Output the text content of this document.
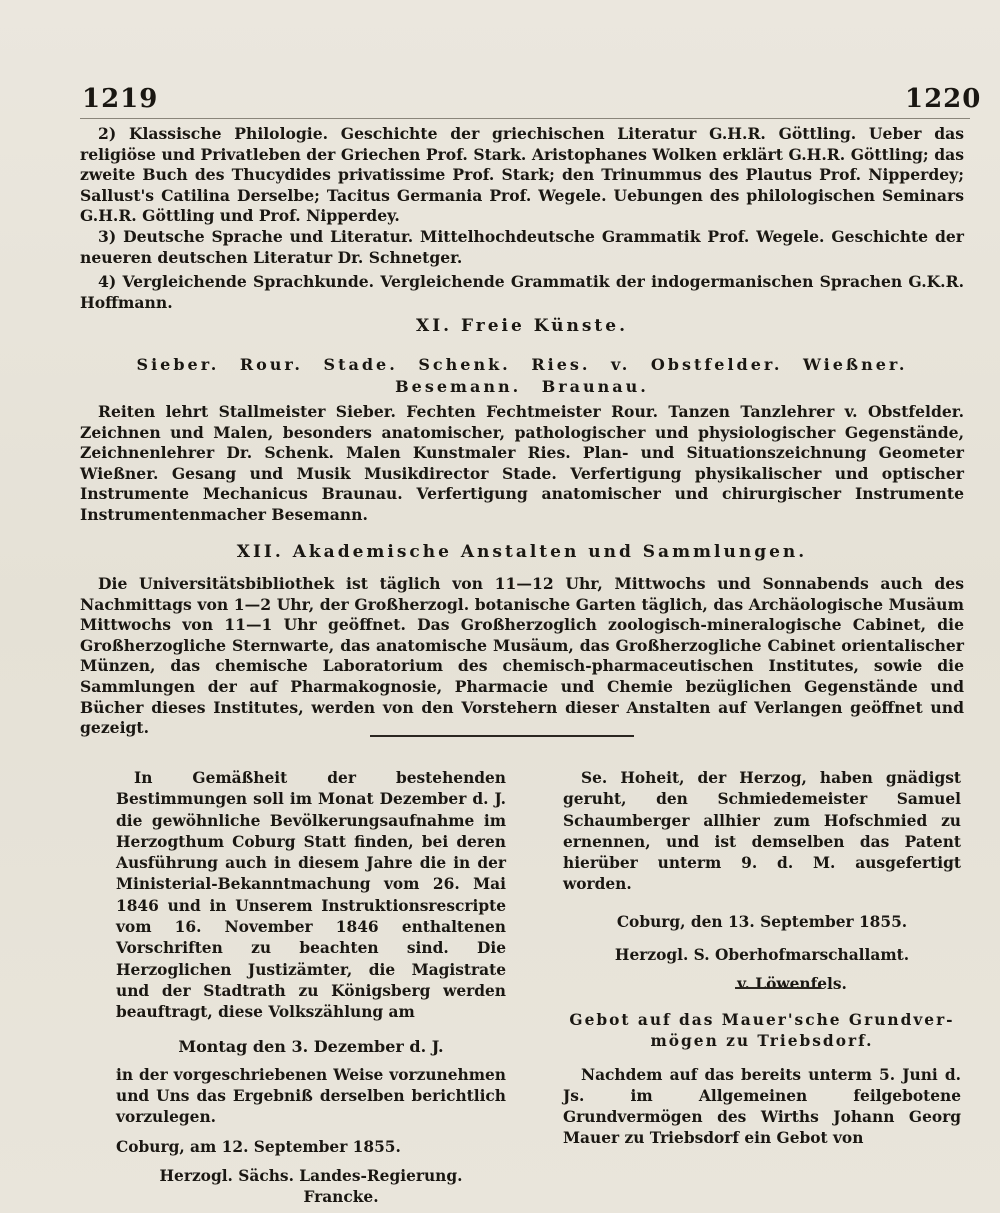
1219	1220

2) Klassische Philologie. Geschichte der griechischen Literatur G.H.R. Göttling. Ueber das religiöse und Privatleben der Griechen Prof. Stark. Aristophanes Wolken erklärt G.H.R. Göttling; das zweite Buch des Thucydides privatissime Prof. Stark; den Trinummus des Plautus Prof. Nipperdey; Sallust's Catilina Derselbe; Tacitus Germania Prof. Wegele. Uebungen des philologischen Seminars G.H.R. Göttling und Prof. Nipperdey.

3) Deutsche Sprache und Literatur. Mittelhochdeutsche Grammatik Prof. Wegele. Geschichte der neueren deutschen Literatur Dr. Schnetger.

4) Vergleichende Sprachkunde. Vergleichende Grammatik der indogermanischen Sprachen G.K.R. Hoffmann.

XI. Freie Künste.
Sieber. Rour. Stade. Schenk. Ries. v. Obstfelder. Wießner.
Besemann. Braunau.

Reiten lehrt Stallmeister Sieber. Fechten Fechtmeister Rour. Tanzen Tanzlehrer v. Obstfelder. Zeichnen und Malen, besonders anatomischer, pathologischer und physiologischer Gegenstände, Zeichnenlehrer Dr. Schenk. Malen Kunstmaler Ries. Plan- und Situationszeichnung Geometer Wießner. Gesang und Musik Musikdirector Stade. Verfertigung physikalischer und optischer Instrumente Mechanicus Braunau. Verfertigung anatomischer und chirurgischer Instrumente Instrumentenmacher Besemann.

XII. Akademische Anstalten und Sammlungen.

Die Universitätsbibliothek ist täglich von 11—12 Uhr, Mittwochs und Sonnabends auch des Nachmittags von 1—2 Uhr, der Großherzogl. botanische Garten täglich, das Archäologische Musäum Mittwochs von 11—1 Uhr geöffnet. Das Großherzoglich zoologisch-mineralogische Cabinet, die Großherzogliche Sternwarte, das anatomische Musäum, das Großherzogliche Cabinet orientalischer Münzen, das chemische Laboratorium des chemisch-pharmaceutischen Institutes, sowie die Sammlungen der auf Pharmakognosie, Pharmacie und Chemie bezüglichen Gegenstände und Bücher dieses Institutes, werden von den Vorstehern dieser Anstalten auf Verlangen geöffnet und gezeigt.

In Gemäßheit der bestehenden Bestimmungen soll im Monat Dezember d. J. die gewöhnliche Bevölkerungsaufnahme im Herzogthum Coburg Statt finden, bei deren Ausführung auch in diesem Jahre die in der Ministerial-Bekanntmachung vom 26. Mai 1846 und in Unserem Instruktionsrescripte vom 16. November 1846 enthaltenen Vorschriften zu beachten sind. Die Herzoglichen Justizämter, die Magistrate und der Stadtrath zu Königsberg werden beauftragt, diese Volkszählung am

Montag den 3. Dezember d. J.

in der vorgeschriebenen Weise vorzunehmen und Uns das Ergebniß derselben berichtlich vorzulegen.

Coburg, am 12. September 1855.

Herzogl. Sächs. Landes-Regierung.

Francke.

Se. Hoheit, der Herzog, haben gnädigst geruht, den Schmiedemeister Samuel Schaumberger allhier zum Hofschmied zu ernennen, und ist demselben das Patent hierüber unterm 9. d. M. ausgefertigt worden.

Coburg, den 13. September 1855.

Herzogl. S. Oberhofmarschallamt.

v. Löwenfels.

Gebot auf das Mauer'sche Grundver-

mögen zu Triebsdorf.

Nachdem auf das bereits unterm 5. Juni d. Js. im Allgemeinen feilgebotene Grundvermögen des Wirths Johann Georg Mauer zu Triebsdorf ein Gebot von
